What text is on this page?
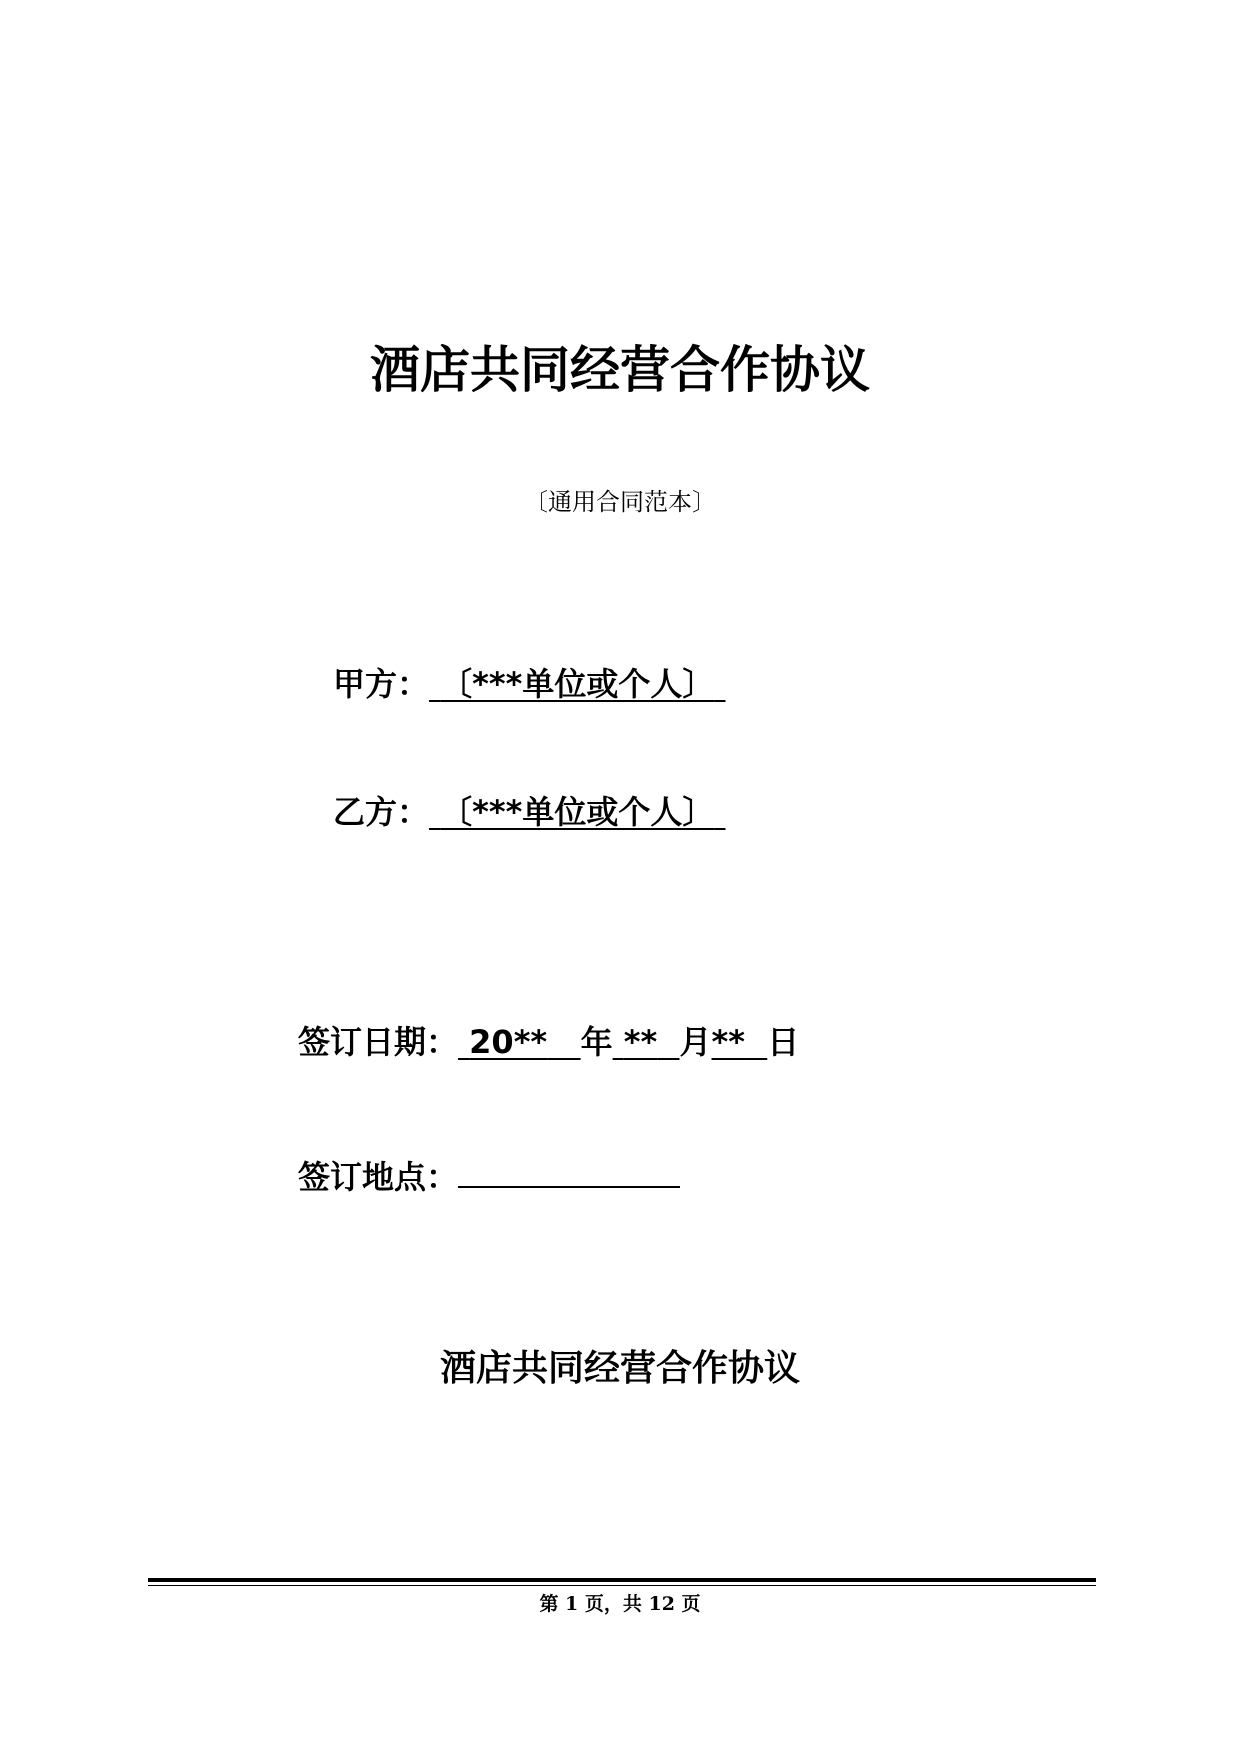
酒店共同经营合作协议
〔通用合同范本〕
甲方： 〔***单位或个人〕
乙方： 〔***单位或个人〕
签订日期： 20** 年 ** 月** 日
签订地点：
酒店共同经营合作协议
第 1 页，共 12 页
